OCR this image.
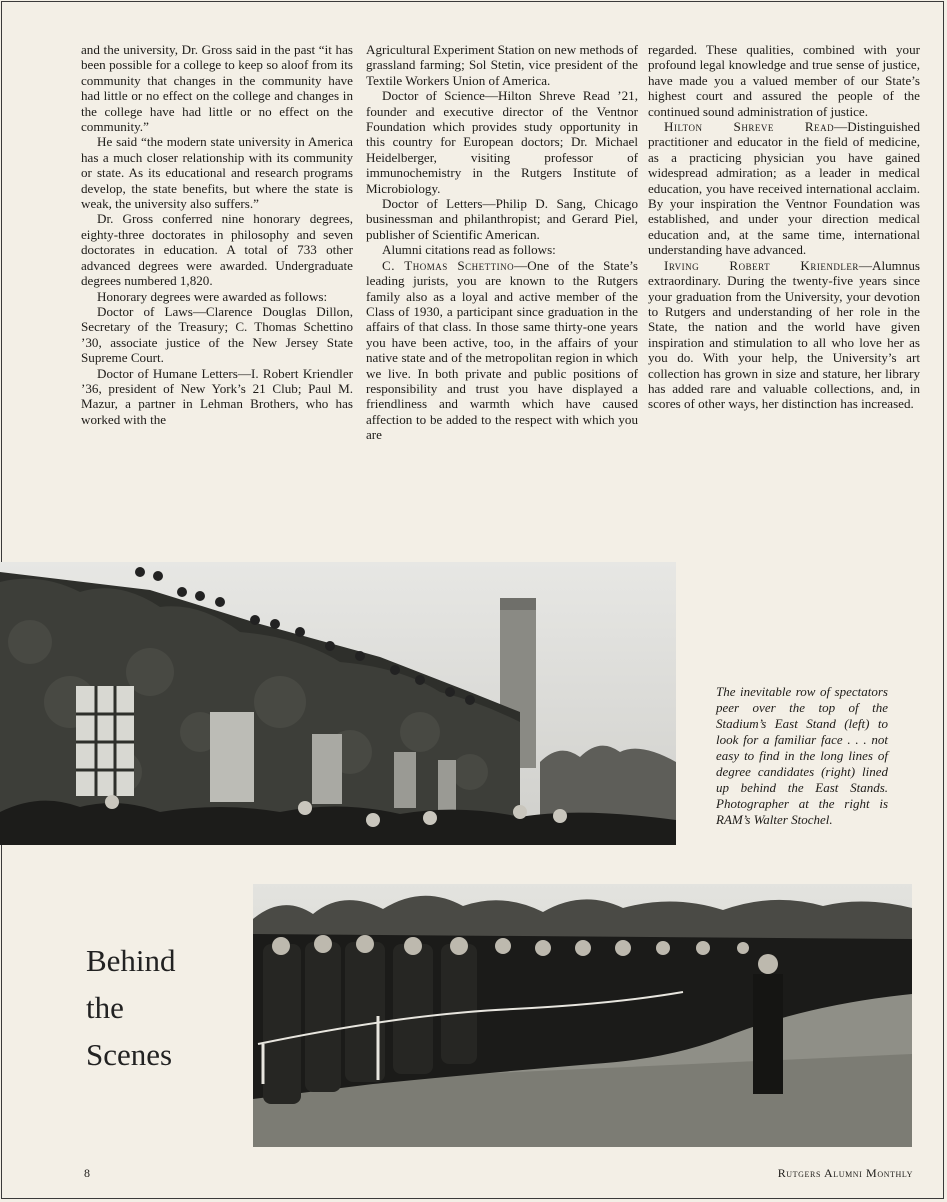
and the university, Dr. Gross said in the past “it has been possible for a college to keep so aloof from its community that changes in the community have had little or no effect on the college and changes in the college have had little or no effect on the community.”

He said “the modern state university in America has a much closer relationship with its community or state. As its educational and research programs develop, the state benefits, but where the state is weak, the university also suffers.”

Dr. Gross conferred nine honorary degrees, eighty-three doctorates in philosophy and seven doctorates in education. A total of 733 other advanced degrees were awarded. Undergraduate degrees numbered 1,820.

Honorary degrees were awarded as follows:

Doctor of Laws—Clarence Douglas Dillon, Secretary of the Treasury; C. Thomas Schettino ’30, associate justice of the New Jersey State Supreme Court.

Doctor of Humane Letters—I. Robert Kriendler ’36, president of New York’s 21 Club; Paul M. Mazur, a partner in Lehman Brothers, who has worked with the

Agricultural Experiment Station on new methods of grassland farming; Sol Stetin, vice president of the Textile Workers Union of America.

Doctor of Science—Hilton Shreve Read ’21, founder and executive director of the Ventnor Foundation which provides study opportunity in this country for European doctors; Dr. Michael Heidelberger, visiting professor of immunochemistry in the Rutgers Institute of Microbiology.

Doctor of Letters—Philip D. Sang, Chicago businessman and philanthropist; and Gerard Piel, publisher of Scientific American.

Alumni citations read as follows:

C. Thomas Schettino—One of the State’s leading jurists, you are known to the Rutgers family also as a loyal and active member of the Class of 1930, a participant since graduation in the affairs of that class. In those same thirty-one years you have been active, too, in the affairs of your native state and of the metropolitan region in which we live. In both private and public positions of responsibility and trust you have displayed a friendliness and warmth which have caused affection to be added to the respect with which you are

regarded. These qualities, combined with your profound legal knowledge and true sense of justice, have made you a valued member of our State’s highest court and assured the people of the continued sound administration of justice.

Hilton Shreve Read—Distinguished practitioner and educator in the field of medicine, as a practicing physician you have gained widespread admiration; as a leader in medical education, you have received international acclaim. By your inspiration the Ventnor Foundation was established, and under your direction medical education and, at the same time, international understanding have advanced.

Irving Robert Kriendler—Alumnus extraordinary. During the twenty-five years since your graduation from the University, your devotion to Rutgers and understanding of her role in the State, the nation and the world have given inspiration and stimulation to all who love her as you do. With your help, the University’s art collection has grown in size and stature, her library has added rare and valuable collections, and, in scores of other ways, her distinction has increased.

The inevitable row of spectators peer over the top of the Stadium’s East Stand (left) to look for a familiar face . . . not easy to find in the long lines of degree candidates (right) lined up behind the East Stands. Photographer at the right is RAM’s Walter Stochel.
Behind
the
Scenes
8	Rutgers Alumni Monthly
